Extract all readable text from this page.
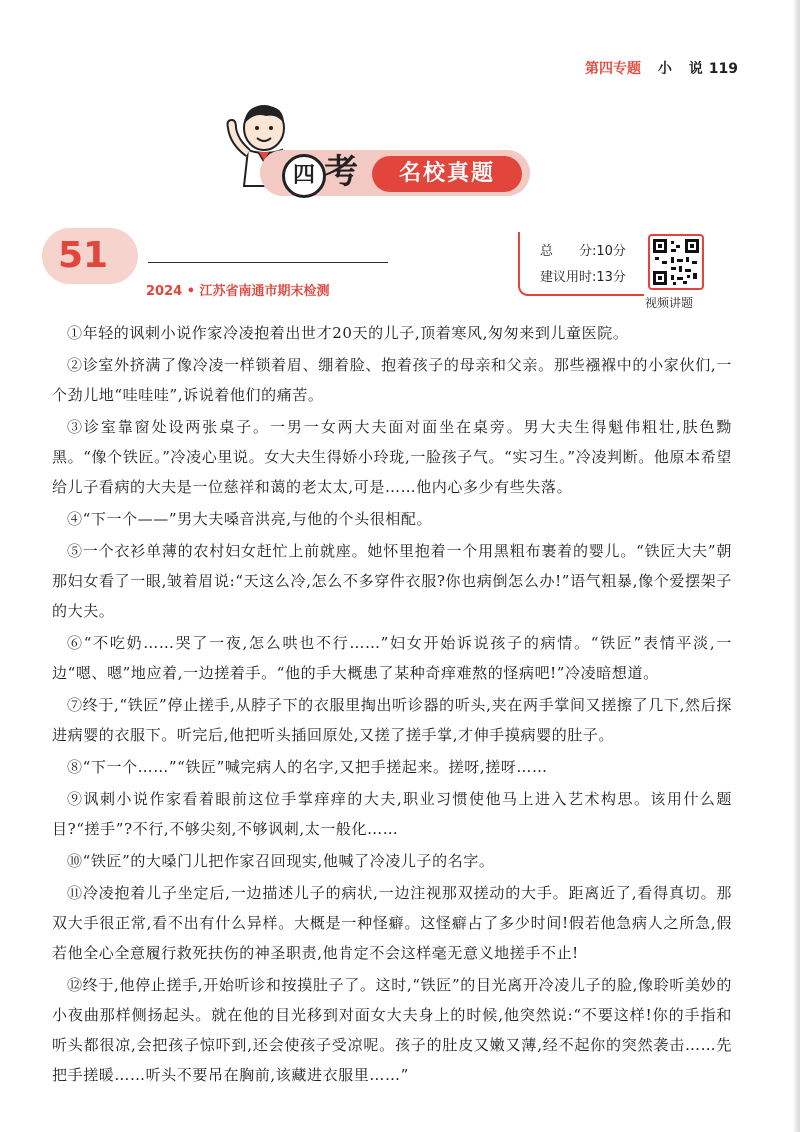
第四专题 小 说119
四 考	名校真题
51
2024 • 江苏省南通市期末检测
总　　分:10分
建议用时:13分
视频讲题

①年轻的讽刺小说作家冷凌抱着出世才20天的儿子,顶着寒风,匆匆来到儿童医院。

②诊室外挤满了像冷凌一样锁着眉、绷着脸、抱着孩子的母亲和父亲。那些襁褓中的小家伙们,一个劲儿地“哇哇哇”,诉说着他们的痛苦。

③诊室靠窗处设两张桌子。一男一女两大夫面对面坐在桌旁。男大夫生得魁伟粗壮,肤色黝黑。“像个铁匠。”冷凌心里说。女大夫生得娇小玲珑,一脸孩子气。“实习生。”冷凌判断。他原本希望给儿子看病的大夫是一位慈祥和蔼的老太太,可是……他内心多少有些失落。

④“下一个——”男大夫嗓音洪亮,与他的个头很相配。

⑤一个衣衫单薄的农村妇女赶忙上前就座。她怀里抱着一个用黑粗布裹着的婴儿。“铁匠大夫”朝那妇女看了一眼,皱着眉说:“天这么冷,怎么不多穿件衣服?你也病倒怎么办!”语气粗暴,像个爱摆架子的大夫。

⑥“不吃奶……哭了一夜,怎么哄也不行……”妇女开始诉说孩子的病情。“铁匠”表情平淡,一边“嗯、嗯”地应着,一边搓着手。“他的手大概患了某种奇痒难熬的怪病吧!”冷凌暗想道。

⑦终于,“铁匠”停止搓手,从脖子下的衣服里掏出听诊器的听头,夹在两手掌间又搓擦了几下,然后探进病婴的衣服下。听完后,他把听头插回原处,又搓了搓手掌,才伸手摸病婴的肚子。

⑧“下一个……”“铁匠”喊完病人的名字,又把手搓起来。搓呀,搓呀……

⑨讽刺小说作家看着眼前这位手掌痒痒的大夫,职业习惯使他马上进入艺术构思。该用什么题目?“搓手”?不行,不够尖刻,不够讽刺,太一般化……

⑩“铁匠”的大嗓门儿把作家召回现实,他喊了冷凌儿子的名字。

⑪冷凌抱着儿子坐定后,一边描述儿子的病状,一边注视那双搓动的大手。距离近了,看得真切。那双大手很正常,看不出有什么异样。大概是一种怪癖。这怪癖占了多少时间!假若他急病人之所急,假若他全心全意履行救死扶伤的神圣职责,他肯定不会这样毫无意义地搓手不止!

⑫终于,他停止搓手,开始听诊和按摸肚子了。这时,“铁匠”的目光离开冷凌儿子的脸,像聆听美妙的小夜曲那样侧扬起头。就在他的目光移到对面女大夫身上的时候,他突然说:“不要这样!你的手指和听头都很凉,会把孩子惊吓到,还会使孩子受凉呢。孩子的肚皮又嫩又薄,经不起你的突然袭击……先把手搓暖……听头不要吊在胸前,该藏进衣服里……”
